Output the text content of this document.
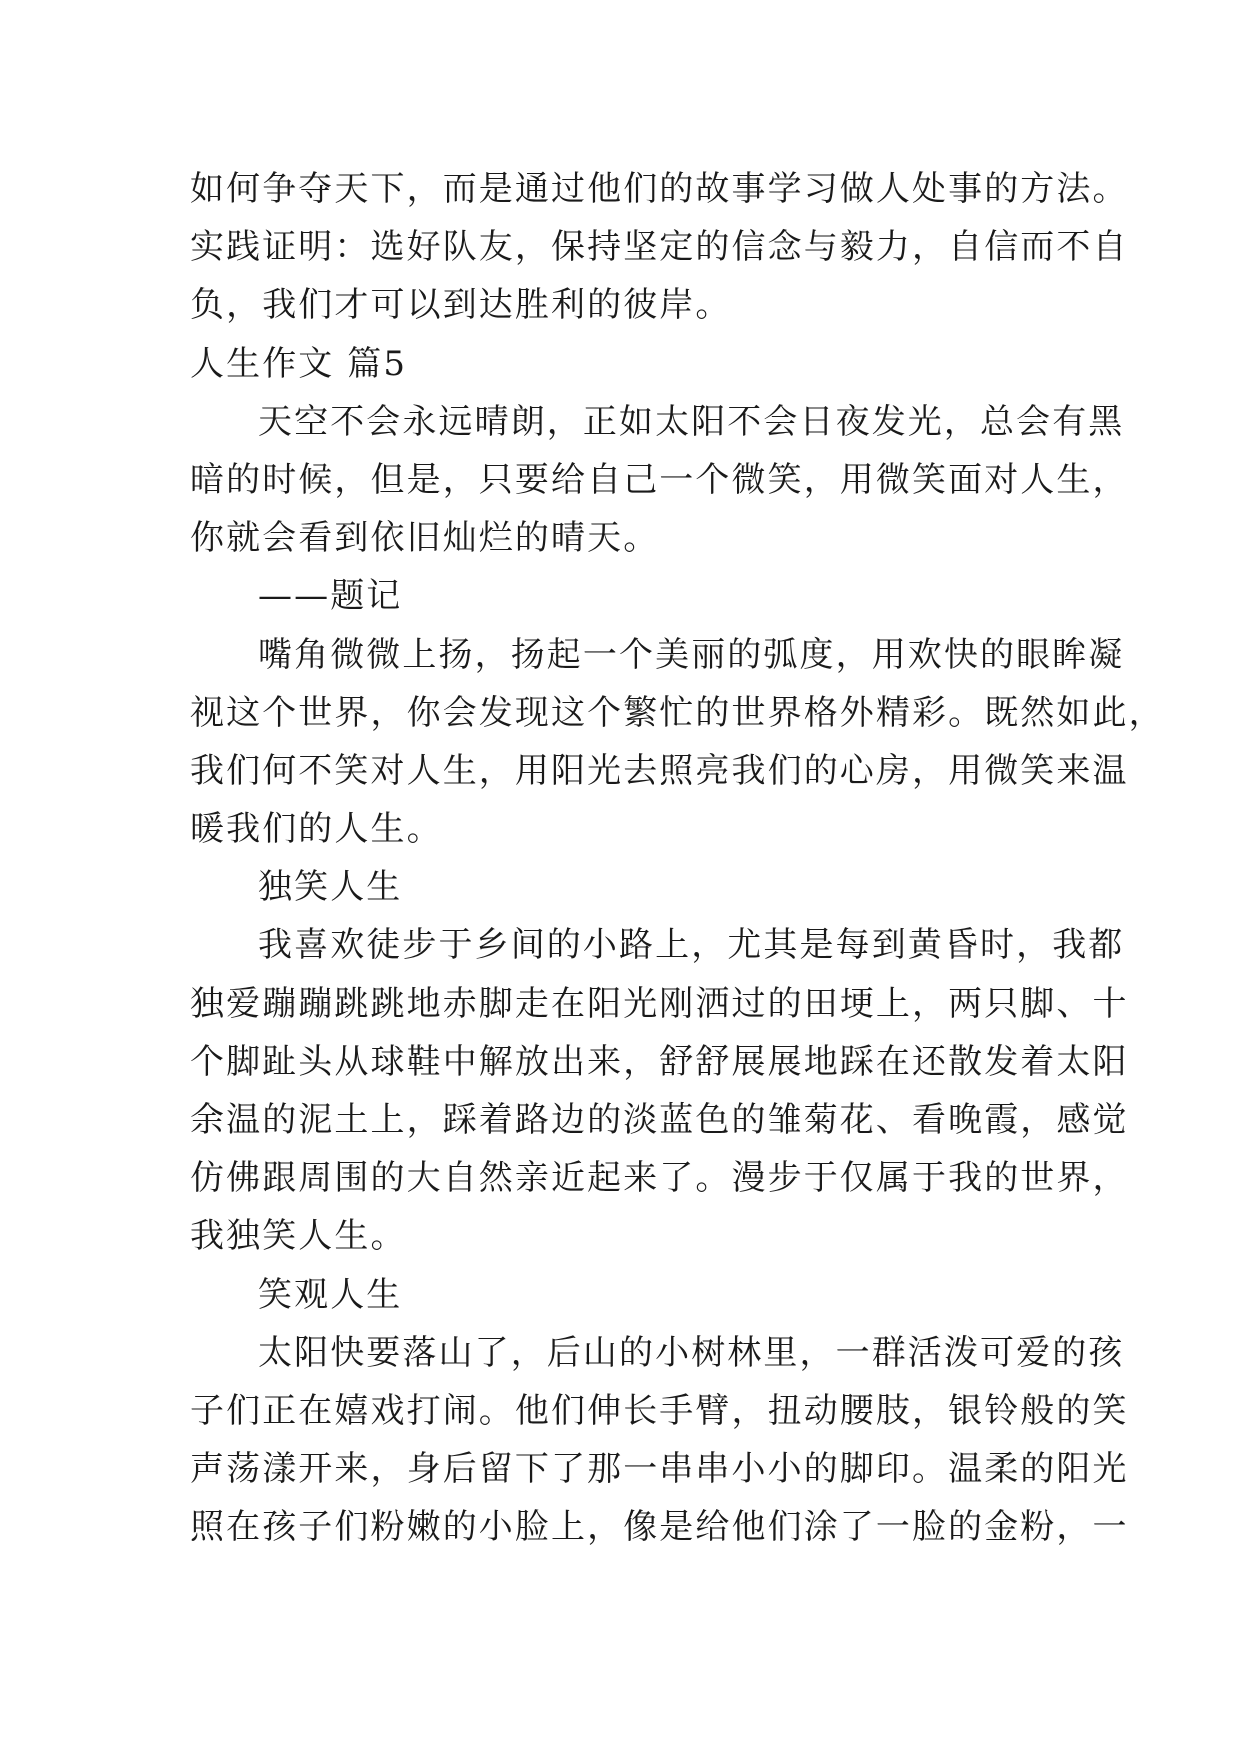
如何争夺天下，而是通过他们的故事学习做人处事的方法。
实践证明：选好队友，保持坚定的信念与毅力，自信而不自
负，我们才可以到达胜利的彼岸。
人生作文 篇5
天空不会永远晴朗，正如太阳不会日夜发光，总会有黑
暗的时候，但是，只要给自己一个微笑，用微笑面对人生，
你就会看到依旧灿烂的晴天。
——题记
嘴角微微上扬，扬起一个美丽的弧度，用欢快的眼眸凝
视这个世界，你会发现这个繁忙的世界格外精彩。既然如此，
我们何不笑对人生，用阳光去照亮我们的心房，用微笑来温
暖我们的人生。
独笑人生
我喜欢徒步于乡间的小路上，尤其是每到黄昏时，我都
独爱蹦蹦跳跳地赤脚走在阳光刚洒过的田埂上，两只脚、十
个脚趾头从球鞋中解放出来，舒舒展展地踩在还散发着太阳
余温的泥土上，踩着路边的淡蓝色的雏菊花、看晚霞，感觉
仿佛跟周围的大自然亲近起来了。漫步于仅属于我的世界，
我独笑人生。
笑观人生
太阳快要落山了，后山的小树林里，一群活泼可爱的孩
子们正在嬉戏打闹。他们伸长手臂，扭动腰肢，银铃般的笑
声荡漾开来，身后留下了那一串串小小的脚印。温柔的阳光
照在孩子们粉嫩的小脸上，像是给他们涂了一脸的金粉，一
